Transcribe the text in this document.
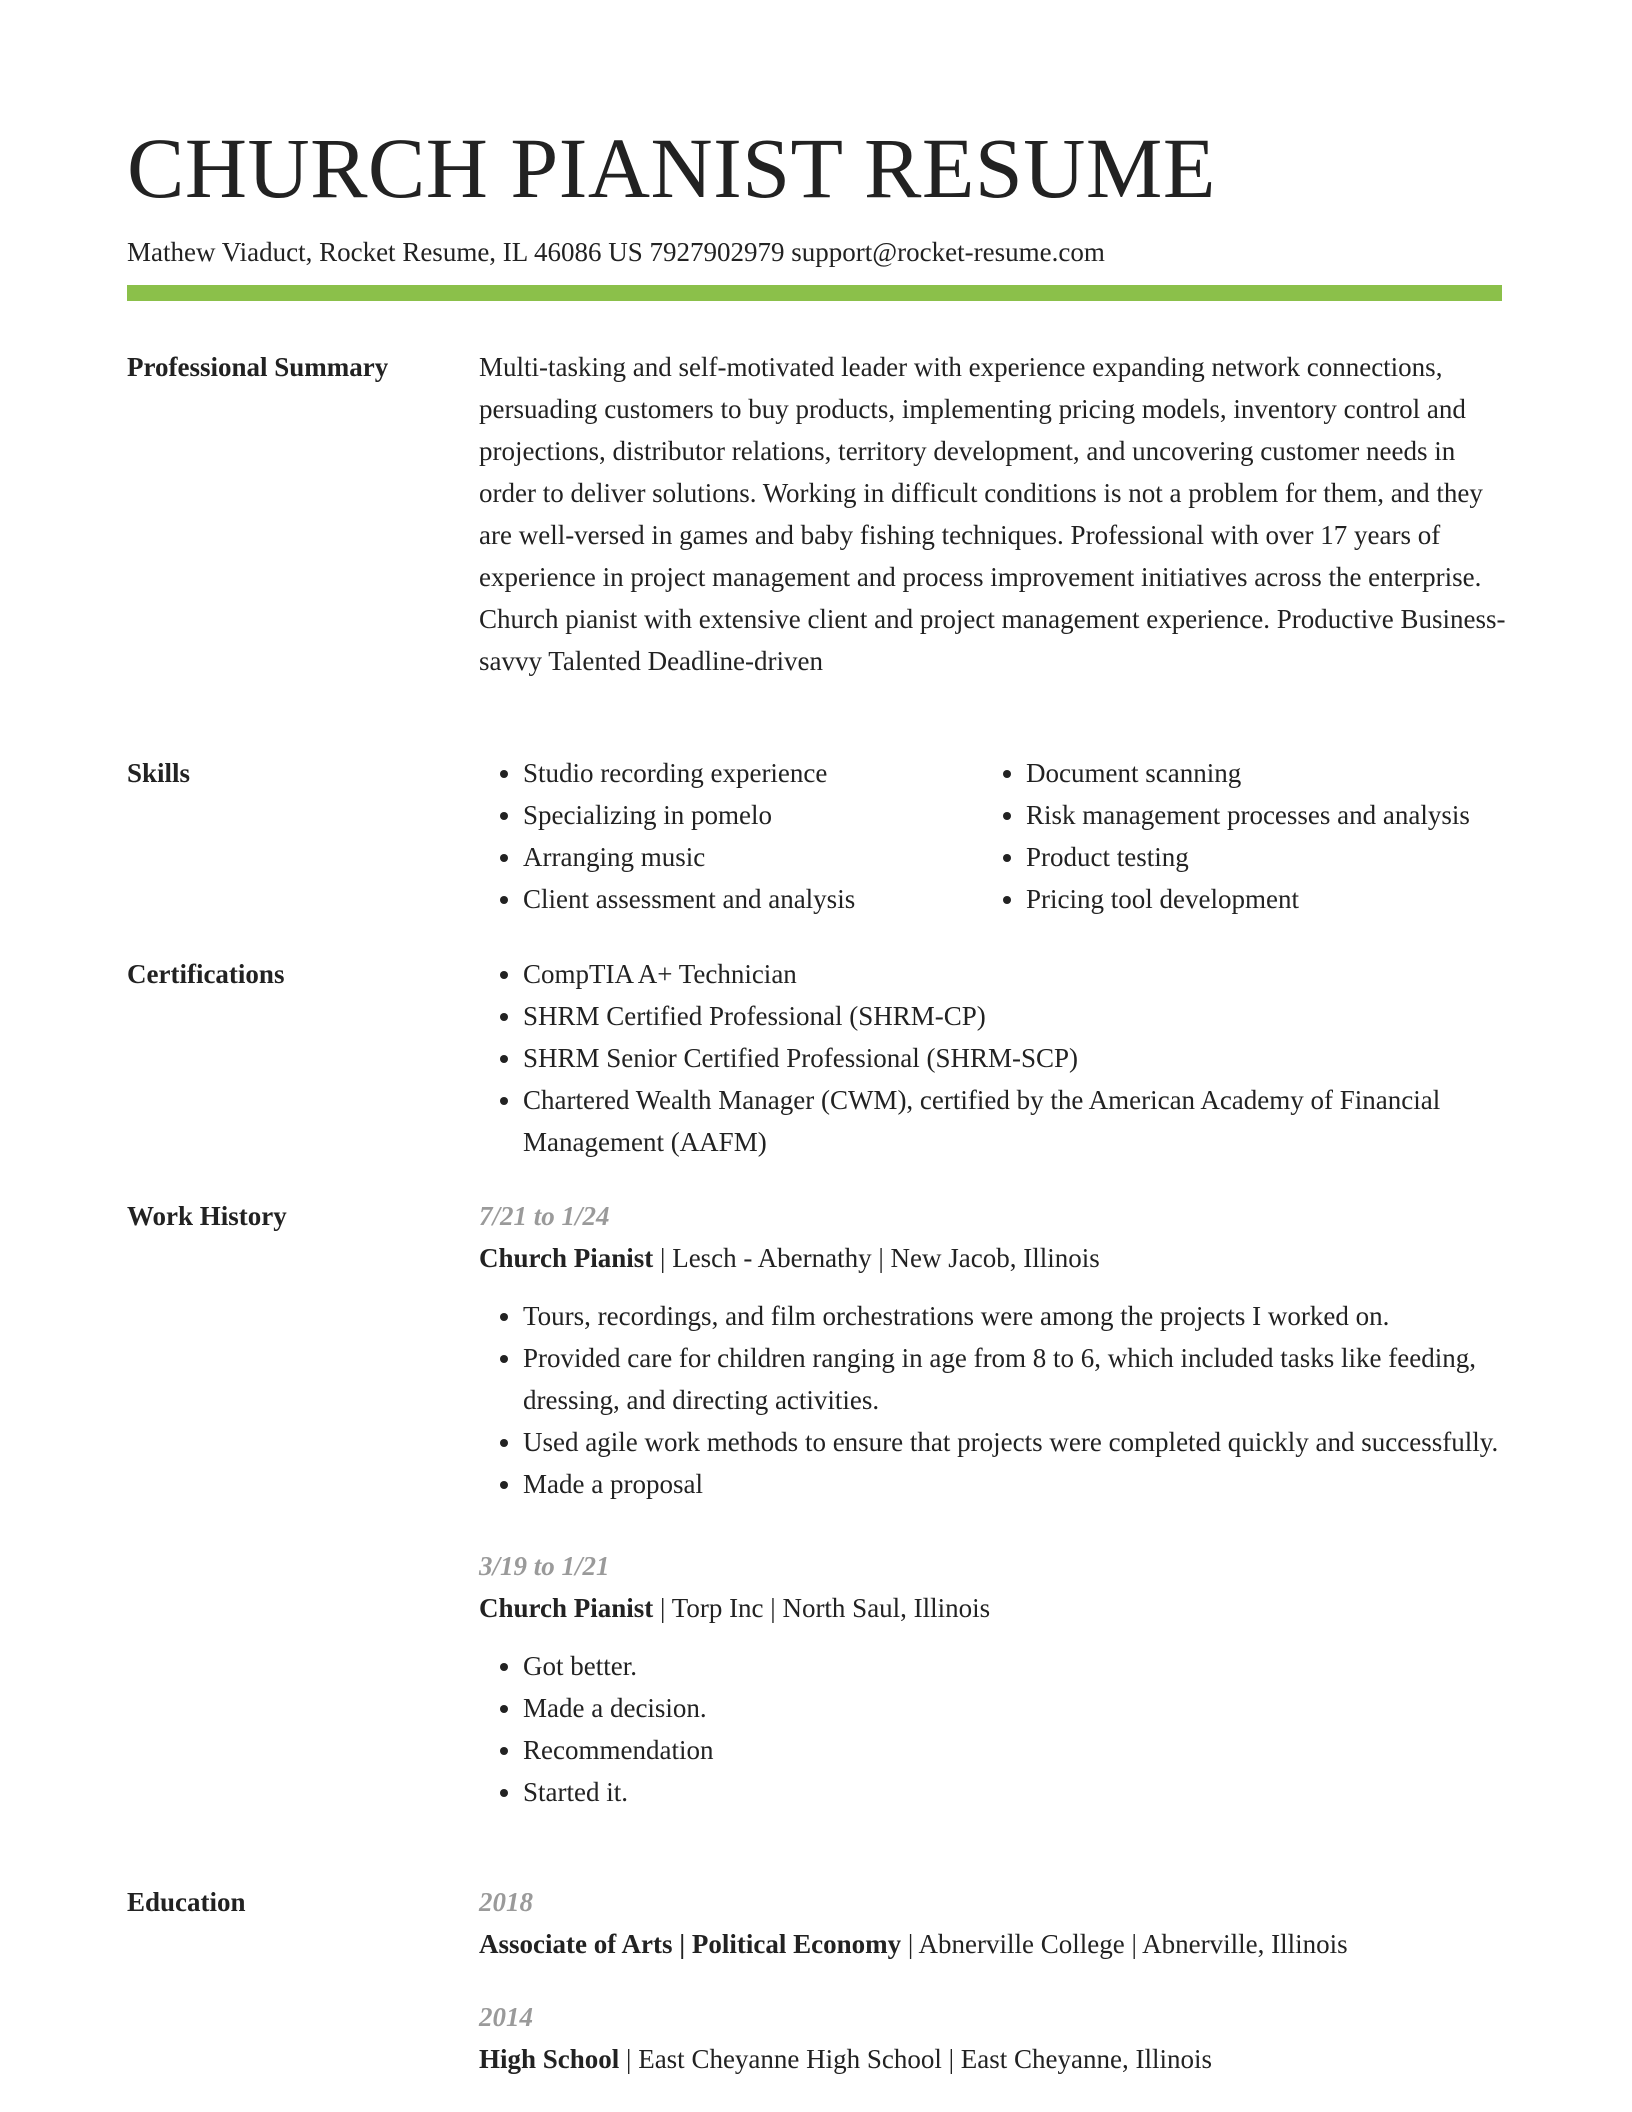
CHURCH PIANIST RESUME
Mathew Viaduct, Rocket Resume, IL 46086 US 7927902979 support@rocket-resume.com
Professional Summary	Multi-tasking and self-motivated leader with experience expanding network connections, persuading customers to buy products, implementing pricing models, inventory control and projections, distributor relations, territory development, and uncovering customer needs in order to deliver solutions. Working in difficult conditions is not a problem for them, and they are well-versed in games and baby fishing techniques. Professional with over 17 years of experience in project management and process improvement initiatives across the enterprise. Church pianist with extensive client and project management experience. Productive Business-savvy Talented Deadline-driven
Skills	• Studio recording experience
• Specializing in pomelo
• Arranging music
• Client assessment and analysis
• Document scanning
• Risk management processes and analysis
• Product testing
• Pricing tool development
Certifications	• CompTIA A+ Technician
• SHRM Certified Professional (SHRM-CP)
• SHRM Senior Certified Professional (SHRM-SCP)
• Chartered Wealth Manager (CWM), certified by the American Academy of Financial Management (AAFM)
Work History	7/21 to 1/24
Church Pianist | Lesch - Abernathy | New Jacob, Illinois
• Tours, recordings, and film orchestrations were among the projects I worked on.
• Provided care for children ranging in age from 8 to 6, which included tasks like feeding, dressing, and directing activities.
• Used agile work methods to ensure that projects were completed quickly and successfully.
• Made a proposal
3/19 to 1/21
Church Pianist | Torp Inc | North Saul, Illinois
• Got better.
• Made a decision.
• Recommendation
• Started it.
Education	2018
Associate of Arts | Political Economy | Abnerville College | Abnerville, Illinois
2014
High School | East Cheyanne High School | East Cheyanne, Illinois
